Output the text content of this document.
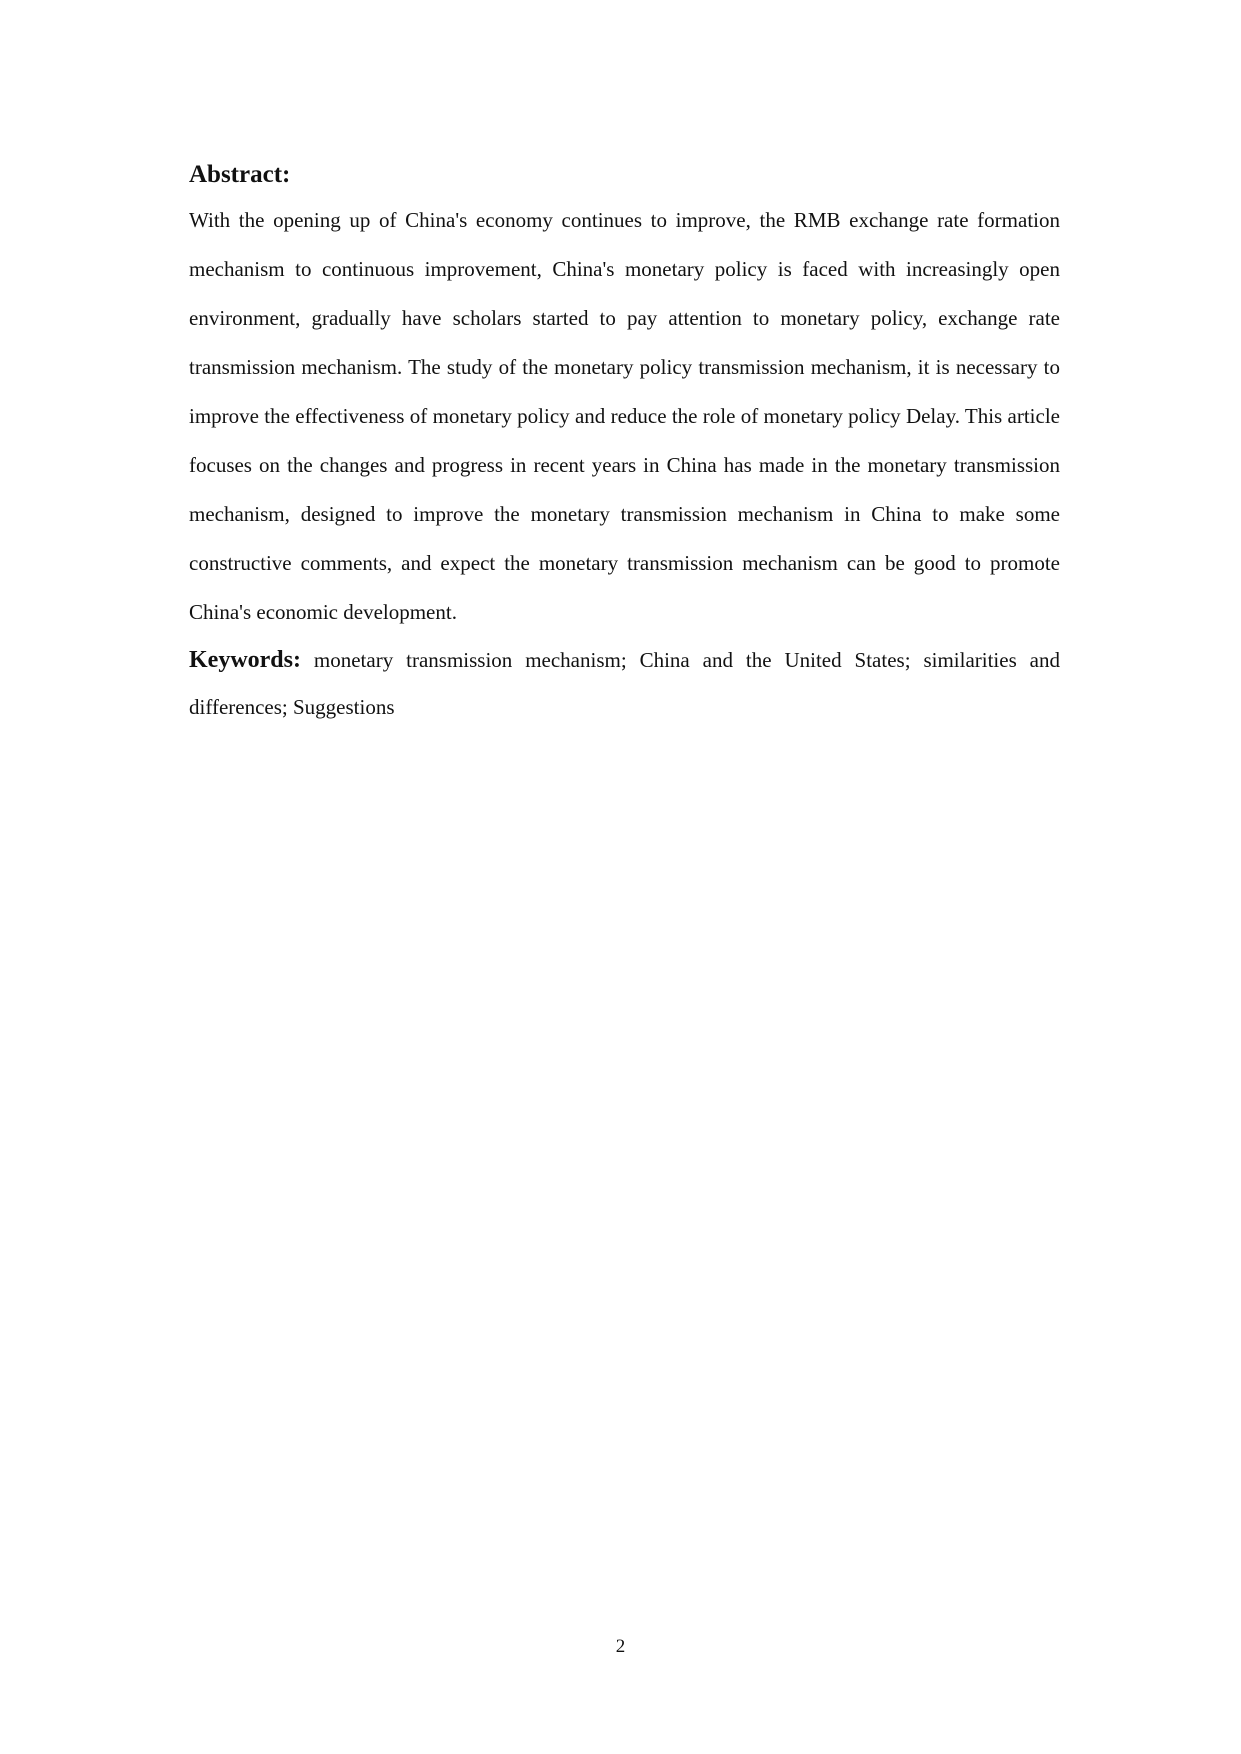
Abstract:

With the opening up of China's economy continues to improve, the RMB exchange rate formation mechanism to continuous improvement, China's monetary policy is faced with increasingly open environment, gradually have scholars started to pay attention to monetary policy, exchange rate transmission mechanism. The study of the monetary policy transmission mechanism, it is necessary to improve the effectiveness of monetary policy and reduce the role of monetary policy Delay. This article focuses on the changes and progress in recent years in China has made in the monetary transmission mechanism, designed to improve the monetary transmission mechanism in China to make some constructive comments, and expect the monetary transmission mechanism can be good to promote China's economic development.

Keywords: monetary transmission mechanism; China and the United States; similarities and differences; Suggestions

2
